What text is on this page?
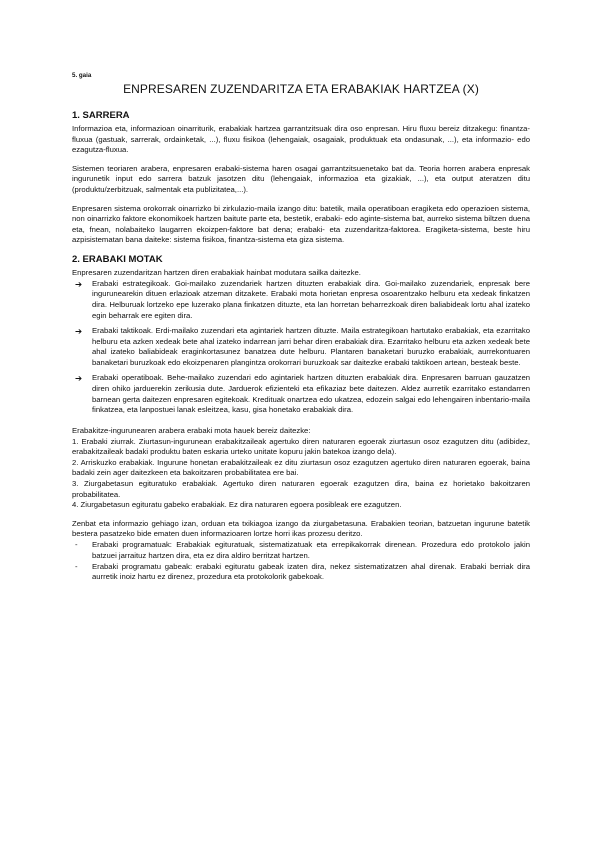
5. gaia
ENPRESAREN ZUZENDARITZA ETA ERABAKIAK HARTZEA (X)
1. SARRERA

Informazioa eta, informazioan oinarriturik, erabakiak hartzea garrantzitsuak dira oso enpresan. Hiru fluxu bereiz ditzakegu: finantza-fluxua (gastuak, sarrerak, ordainketak, ...), fluxu fisikoa (lehengaiak, osagaiak, produktuak eta ondasunak, ...), eta informazio- edo ezagutza-fluxua.

Sistemen teoriaren arabera, enpresaren erabaki-sistema haren osagai garrantzitsuenetako bat da. Teoria horren arabera enpresak ingurunetik input edo sarrera batzuk jasotzen ditu (lehengaiak, informazioa eta gizakiak, ...), eta output ateratzen ditu (produktu/zerbitzuak, salmentak eta publizitatea,...).

Enpresaren sistema orokorrak oinarrizko bi zirkulazio-maila izango ditu: batetik, maila operatiboan eragiketa edo operazioen sistema, non oinarrizko faktore ekonomikoek hartzen baitute parte eta, bestetik, erabaki- edo aginte-sistema bat, aurreko sistema biltzen duena eta, fnean, nolabaiteko laugarren ekoizpen-faktore bat dena; erabaki- eta zuzendaritza-faktorea. Eragiketa-sistema, beste hiru azpisistematan bana daiteke: sistema fisikoa, finantza-sistema eta giza sistema.

2. ERABAKI MOTAK

Enpresaren zuzendaritzan hartzen diren erabakiak hainbat modutara sailka daitezke.

➔ Erabaki estrategikoak. Goi-mailako zuzendariek hartzen dituzten erabakiak dira. Goi-mailako zuzendariek, enpresak bere ingurunearekin dituen erlazioak atzeman ditzakete. Erabaki mota horietan enpresa osoarentzako helburu eta xedeak finkatzen dira. Helburuak lortzeko epe luzerako plana finkatzen dituzte, eta lan horretan beharrezkoak diren baliabideak lortu ahal izateko egin beharrak ere egiten dira.
➔ Erabaki taktikoak. Erdi-mailako zuzendari eta agintariek hartzen dituzte. Maila estrategikoan hartutako erabakiak, eta ezarritako helburu eta azken xedeak bete ahal izateko indarrean jarri behar diren erabakiak dira. Ezarritako helburu eta azken xedeak bete ahal izateko baliabideak eraginkortasunez banatzea dute helburu. Plantaren banaketari buruzko erabakiak, aurrekontuaren banaketari buruzkoak edo ekoizpenaren plangintza orokorrari buruzkoak sar daitezke erabaki taktikoen artean, besteak beste.
➔ Erabaki operatiboak. Behe-mailako zuzendari edo agintariek hartzen dituzten erabakiak dira. Enpresaren barruan gauzatzen diren ohiko jarduerekin zerikusia dute. Jarduerok efizienteki eta efikaziaz bete daitezen. Aldez aurretik ezarritako estandarren barnean gerta daitezen enpresaren egitekoak. Kredituak onartzea edo ukatzea, edozein salgai edo lehengairen inbentario-maila finkatzea, eta lanpostuei lanak esleitzea, kasu, gisa honetako erabakiak dira.

Erabakitze-ingurunearen arabera erabaki mota hauek bereiz daitezke:

1. Erabaki ziurrak. Ziurtasun-ingurunean erabakitzaileak agertuko diren naturaren egoerak ziurtasun osoz ezagutzen ditu (adibidez, erabakitzaileak badaki produktu baten eskaria urteko unitate kopuru jakin batekoa izango dela).

2. Arriskuzko erabakiak. Ingurune honetan erabakitzaileak ez ditu ziurtasun osoz ezagutzen agertuko diren naturaren egoerak, baina badaki zein ager daitezkeen eta bakoitzaren probabilitatea ere bai.

3. Ziurgabetasun egituratuko erabakiak. Agertuko diren naturaren egoerak ezagutzen dira, baina ez horietako bakoitzaren probabilitatea.

4. Ziurgabetasun egituratu gabeko erabakiak. Ez dira naturaren egoera posibleak ere ezagutzen.

Zenbat eta informazio gehiago izan, orduan eta txikiagoa izango da ziurgabetasuna. Erabakien teorian, batzuetan ingurune batetik bestera pasatzeko bide ematen duen informazioaren lortze horri ikas prozesu deritzo.

- Erabaki programatuak: Erabakiak egituratuak, sistematizatuak eta errepikakorrak direnean. Prozedura edo protokolo jakin batzuei jarraituz hartzen dira, eta ez dira aldiro berritzat hartzen.
- Erabaki programatu gabeak: erabaki egituratu gabeak izaten dira, nekez sistematizatzen ahal direnak. Erabaki berriak dira aurretik inoiz hartu ez direnez, prozedura eta protokolorik gabekoak.
